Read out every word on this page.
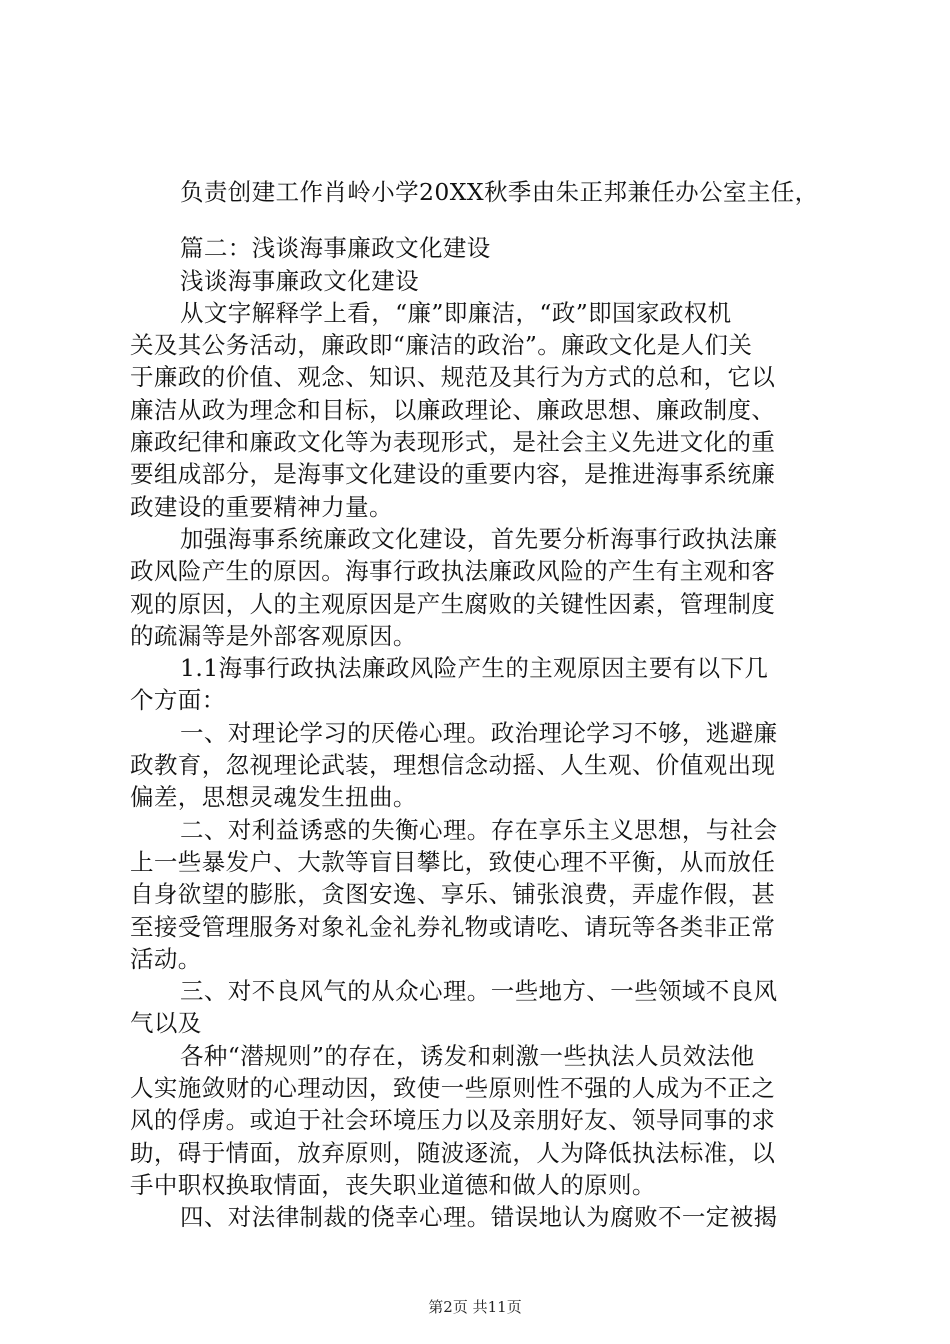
负责创建工作肖岭小学20XX秋季由朱正邦兼任办公室主任，
篇二：浅谈海事廉政文化建设
浅谈海事廉政文化建设
从文字解释学上看，“廉”即廉洁，“政”即国家政权机
关及其公务活动，廉政即“廉洁的政治”。廉政文化是人们关
于廉政的价值、观念、知识、规范及其行为方式的总和，它以
廉洁从政为理念和目标，以廉政理论、廉政思想、廉政制度、
廉政纪律和廉政文化等为表现形式，是社会主义先进文化的重
要组成部分，是海事文化建设的重要内容，是推进海事系统廉
政建设的重要精神力量。
加强海事系统廉政文化建设，首先要分析海事行政执法廉
政风险产生的原因。海事行政执法廉政风险的产生有主观和客
观的原因，人的主观原因是产生腐败的关键性因素，管理制度
的疏漏等是外部客观原因。
1.1海事行政执法廉政风险产生的主观原因主要有以下几
个方面：
一、对理论学习的厌倦心理。政治理论学习不够，逃避廉
政教育，忽视理论武装，理想信念动摇、人生观、价值观出现
偏差，思想灵魂发生扭曲。
二、对利益诱惑的失衡心理。存在享乐主义思想，与社会
上一些暴发户、大款等盲目攀比，致使心理不平衡，从而放任
自身欲望的膨胀，贪图安逸、享乐、铺张浪费，弄虚作假，甚
至接受管理服务对象礼金礼券礼物或请吃、请玩等各类非正常
活动。
三、对不良风气的从众心理。一些地方、一些领域不良风
气以及
各种“潜规则”的存在，诱发和刺激一些执法人员效法他
人实施敛财的心理动因，致使一些原则性不强的人成为不正之
风的俘虏。或迫于社会环境压力以及亲朋好友、领导同事的求
助，碍于情面，放弃原则，随波逐流，人为降低执法标准，以
手中职权换取情面，丧失职业道德和做人的原则。
四、对法律制裁的侥幸心理。错误地认为腐败不一定被揭
第2页 共11页
